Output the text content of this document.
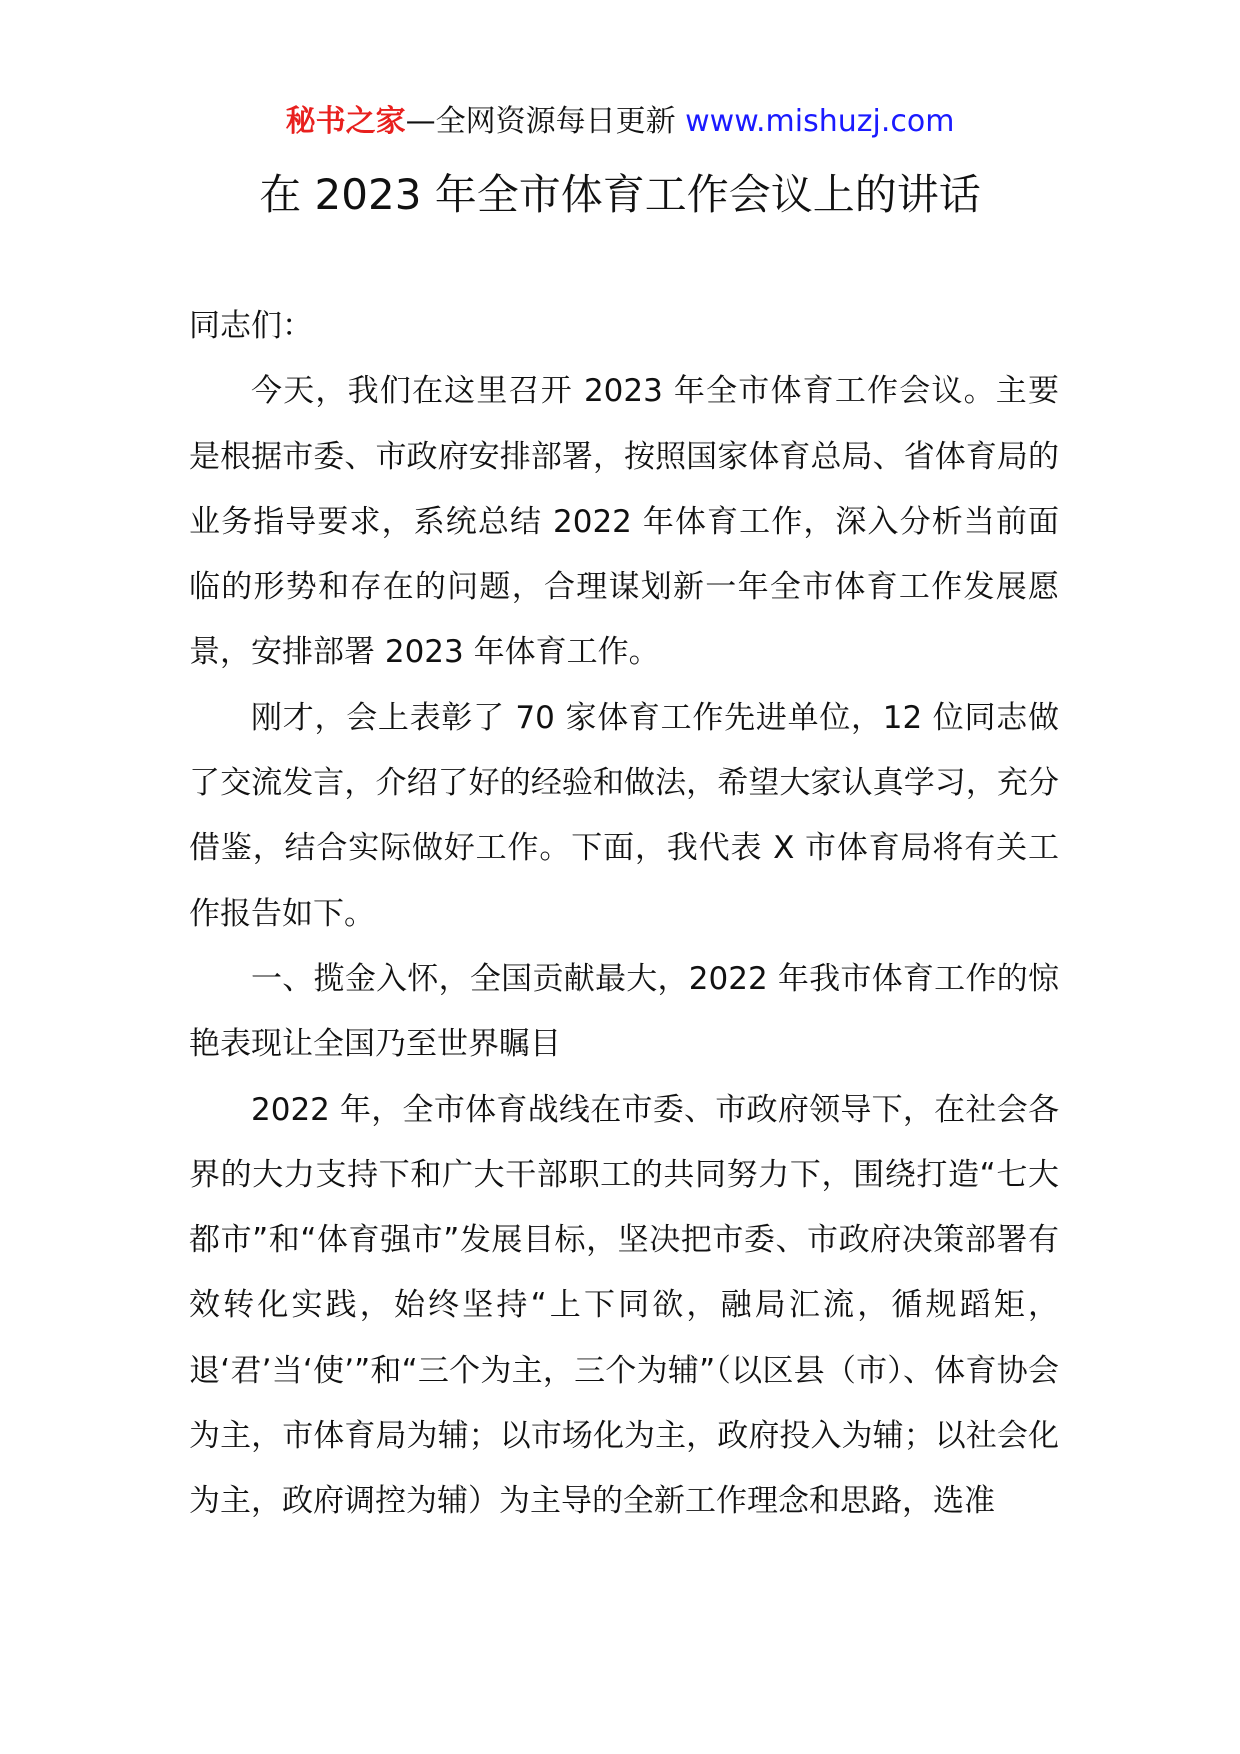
秘书之家—全网资源每日更新 www.mishuzj.com
在 2023 年全市体育工作会议上的讲话

同志们：

今天，我们在这里召开 2023 年全市体育工作会议。主要是根据市委、市政府安排部署，按照国家体育总局、省体育局的业务指导要求，系统总结 2022 年体育工作，深入分析当前面临的形势和存在的问题，合理谋划新一年全市体育工作发展愿景，安排部署 2023 年体育工作。

刚才，会上表彰了 70 家体育工作先进单位，12 位同志做了交流发言，介绍了好的经验和做法，希望大家认真学习，充分借鉴，结合实际做好工作。下面，我代表 X 市体育局将有关工作报告如下。

一、揽金入怀，全国贡献最大，2022 年我市体育工作的惊艳表现让全国乃至世界瞩目

2022 年，全市体育战线在市委、市政府领导下，在社会各界的大力支持下和广大干部职工的共同努力下，围绕打造“七大都市”和“体育强市”发展目标，坚决把市委、市政府决策部署有效转化实践，始终坚持“上下同欲，融局汇流，循规蹈矩，退‘君’当‘使’”和“三个为主，三个为辅”（以区县（市）、体育协会为主，市体育局为辅；以市场化为主，政府投入为辅；以社会化为主，政府调控为辅）为主导的全新工作理念和思路，选准
